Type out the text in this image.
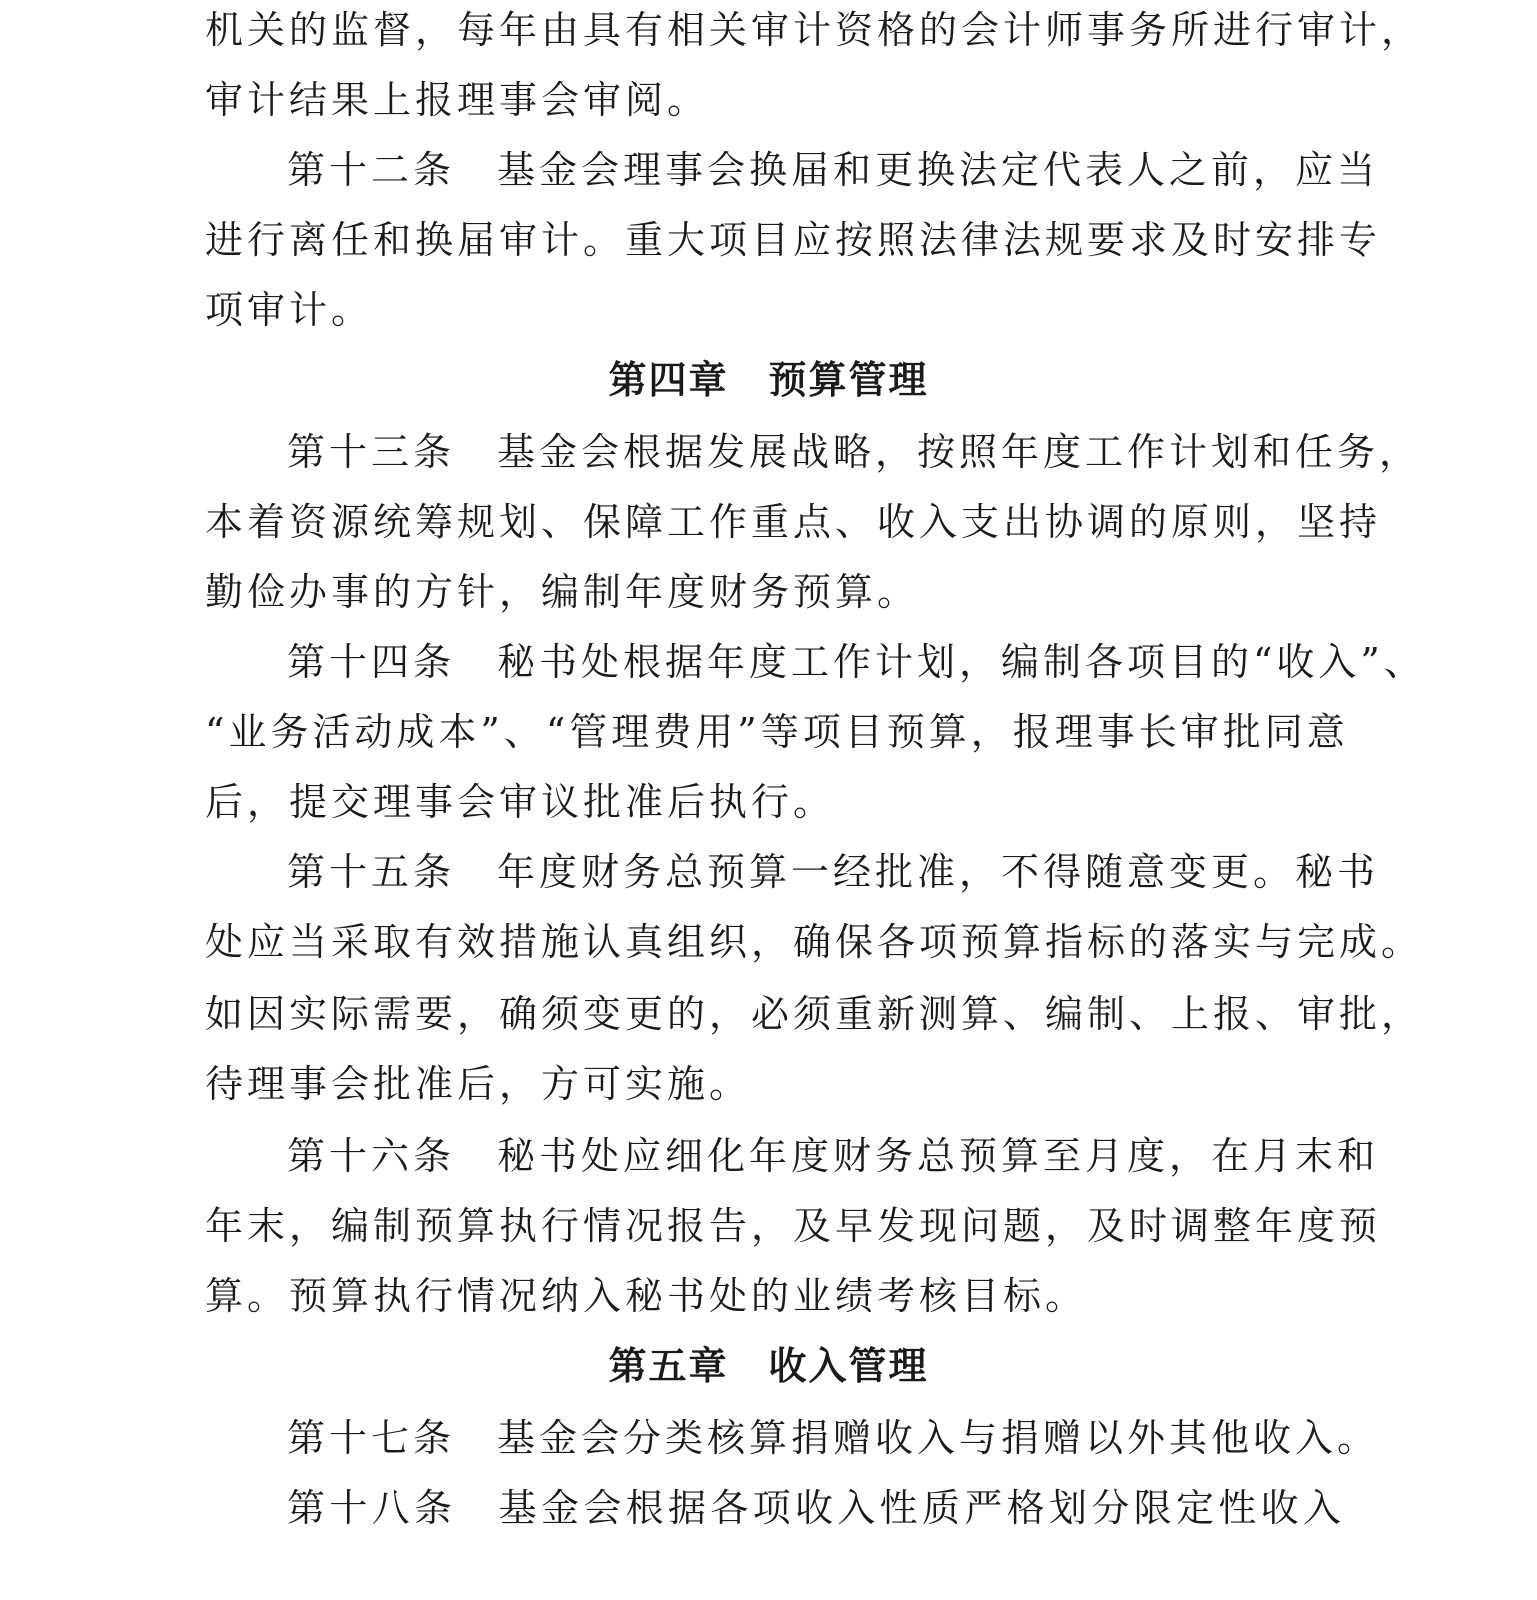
机关的监督，每年由具有相关审计资格的会计师事务所进行审计，
审计结果上报理事会审阅。
第十二条　基金会理事会换届和更换法定代表人之前，应当
进行离任和换届审计。重大项目应按照法律法规要求及时安排专
项审计。
第四章　预算管理
第十三条　基金会根据发展战略，按照年度工作计划和任务，
本着资源统筹规划、保障工作重点、收入支出协调的原则，坚持
勤俭办事的方针，编制年度财务预算。
第十四条　秘书处根据年度工作计划，编制各项目的“收入”、
“业务活动成本”、“管理费用”等项目预算，报理事长审批同意
后，提交理事会审议批准后执行。
第十五条　年度财务总预算一经批准，不得随意变更。秘书
处应当采取有效措施认真组织，确保各项预算指标的落实与完成。
如因实际需要，确须变更的，必须重新测算、编制、上报、审批，
待理事会批准后，方可实施。
第十六条　秘书处应细化年度财务总预算至月度，在月末和
年末，编制预算执行情况报告，及早发现问题，及时调整年度预
算。预算执行情况纳入秘书处的业绩考核目标。
第五章　收入管理
第十七条　基金会分类核算捐赠收入与捐赠以外其他收入。
第十八条　基金会根据各项收入性质严格划分限定性收入
